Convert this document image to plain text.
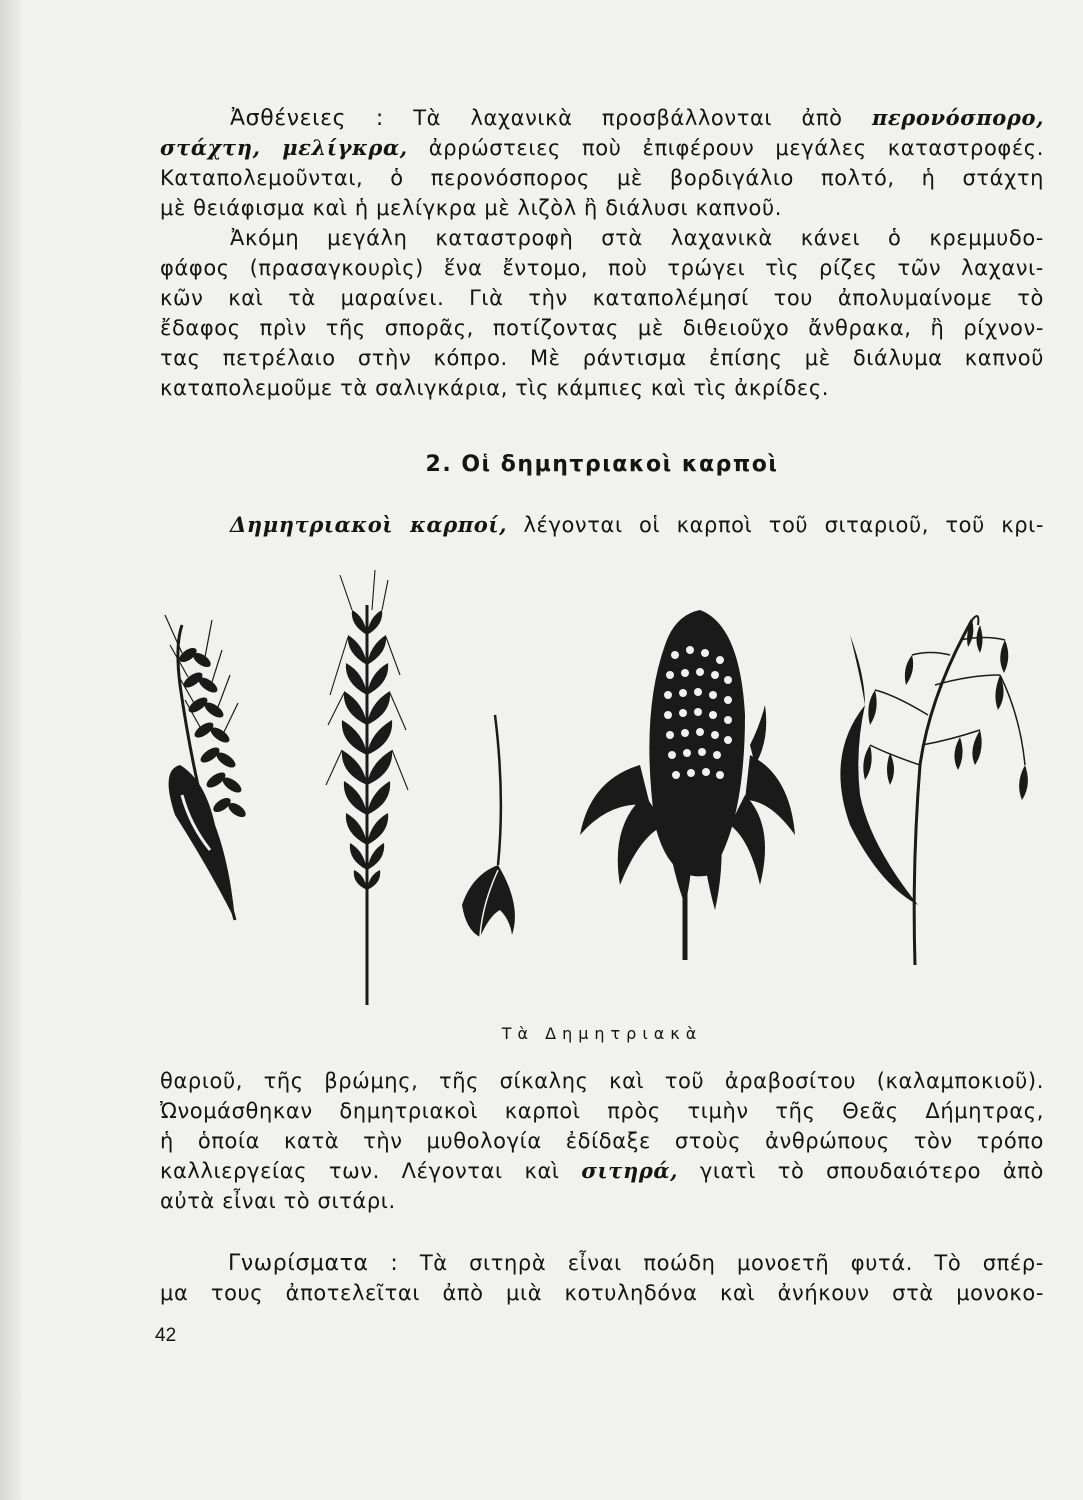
Ἀσθένειες : Τὰ λαχανικὰ προσβάλλονται ἀπὸ περονόσπορο,
στάχτη, μελίγκρα, ἀρρώστειες ποὺ ἐπιφέρουν μεγάλες καταστροφές.
Καταπολεμοῦνται, ὁ περονόσπορος μὲ βορδιγάλιο πολτό, ἡ στάχτη
μὲ θειάφισμα καὶ ἡ μελίγκρα μὲ λιζὸλ ἢ διάλυσι καπνοῦ.
Ἀκόμη μεγάλη καταστροφὴ στὰ λαχανικὰ κάνει ὁ κρεμμυδο-
φάφος (πρασαγκουρὶς) ἕνα ἔντομο, ποὺ τρώγει τὶς ρίζες τῶν λαχανι-
κῶν καὶ τὰ μαραίνει. Γιὰ τὴν καταπολέμησί του ἀπολυμαίνομε τὸ
ἔδαφος πρὶν τῆς σπορᾶς, ποτίζοντας μὲ διθειοῦχο ἄνθρακα, ἢ ρίχνον-
τας πετρέλαιο στὴν κόπρο. Μὲ ράντισμα ἐπίσης μὲ διάλυμα καπνοῦ
καταπολεμοῦμε τὰ σαλιγκάρια, τὶς κάμπιες καὶ τὶς ἀκρίδες.
2. Οἱ δημητριακοὶ καρποὶ
Δημητριακοὶ καρποί, λέγονται οἱ καρποὶ τοῦ σιταριοῦ, τοῦ κρι-
Τὰ Δημητριακὰ
θαριοῦ, τῆς βρώμης, τῆς σίκαλης καὶ τοῦ ἀραβοσίτου (καλαμποκιοῦ).
Ὠνομάσθηκαν δημητριακοὶ καρποὶ πρὸς τιμὴν τῆς Θεᾶς Δήμητρας,
ἡ ὁποία κατὰ τὴν μυθολογία ἐδίδαξε στοὺς ἀνθρώπους τὸν τρόπο
καλλιεργείας των. Λέγονται καὶ σιτηρά, γιατὶ τὸ σπουδαιότερο ἀπὸ
αὐτὰ εἶναι τὸ σιτάρι.
Γνωρίσματα : Τὰ σιτηρὰ εἶναι ποώδη μονοετῆ φυτά. Τὸ σπέρ-
μα τους ἀποτελεῖται ἀπὸ μιὰ κοτυληδόνα καὶ ἀνήκουν στὰ μονοκο-
42
